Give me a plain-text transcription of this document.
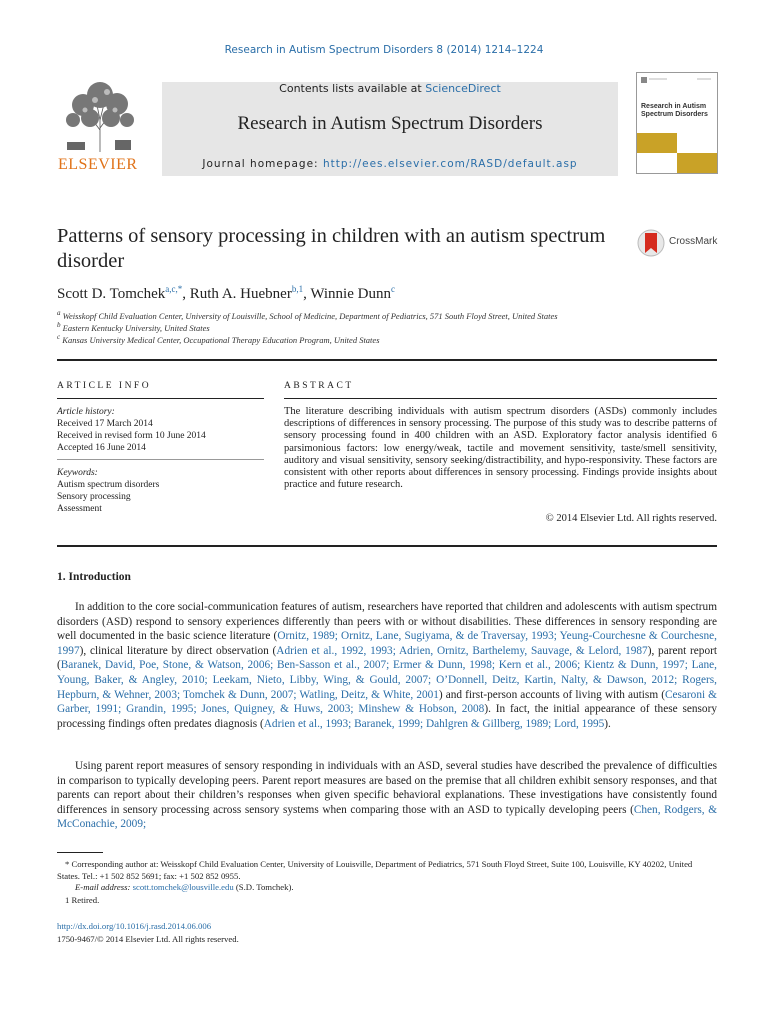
Research in Autism Spectrum Disorders 8 (2014) 1214–1224
ELSEVIER
Contents lists available at ScienceDirect
Research in Autism Spectrum Disorders
Journal homepage: http://ees.elsevier.com/RASD/default.asp
Research in Autism Spectrum Disorders
Patterns of sensory processing in children with an autism spectrum disorder
CrossMark
Scott D. Tomchek$^{a,c,*}$, Ruth A. Huebner$^{b,1}$, Winnie Dunn$^c$
$^a$ Weisskopf Child Evaluation Center, University of Louisville, School of Medicine, Department of Pediatrics, 571 South Floyd Street, United States
$^b$ Eastern Kentucky University, United States
$^c$ Kansas University Medical Center, Occupational Therapy Education Program, United States
ARTICLE INFO
Article history:
Received 17 March 2014
Received in revised form 10 June 2014
Accepted 16 June 2014
Keywords:
Autism spectrum disorders
Sensory processing
Assessment
ABSTRACT
The literature describing individuals with autism spectrum disorders (ASDs) commonly includes descriptions of differences in sensory processing. The purpose of this study was to describe patterns of sensory processing found in 400 children with an ASD. Exploratory factor analysis identified 6 parsimonious factors: low energy/weak, tactile and movement sensitivity, taste/smell sensitivity, auditory and visual sensitivity, sensory seeking/distractibility, and hypo-responsivity. These factors are consistent with other reports about differences in sensory processing. Findings provide insights about practice and future research.
© 2014 Elsevier Ltd. All rights reserved.
1. Introduction

In addition to the core social-communication features of autism, researchers have reported that children and adolescents with autism spectrum disorders (ASD) respond to sensory experiences differently than peers with or without disabilities. These differences in sensory responding are well documented in the basic science literature (Ornitz, 1989; Ornitz, Lane, Sugiyama, & de Traversay, 1993; Yeung-Courchesne & Courchesne, 1997), clinical literature by direct observation (Adrien et al., 1992, 1993; Adrien, Ornitz, Barthelemy, Sauvage, & Lelord, 1987), parent report (Baranek, David, Poe, Stone, & Watson, 2006; Ben-Sasson et al., 2007; Ermer & Dunn, 1998; Kern et al., 2006; Kientz & Dunn, 1997; Lane, Young, Baker, & Angley, 2010; Leekam, Nieto, Libby, Wing, & Gould, 2007; O’Donnell, Deitz, Kartin, Nalty, & Dawson, 2012; Rogers, Hepburn, & Wehner, 2003; Tomchek & Dunn, 2007; Watling, Deitz, & White, 2001) and first-person accounts of living with autism (Cesaroni & Garber, 1991; Grandin, 1995; Jones, Quigney, & Huws, 2003; Minshew & Hobson, 2008). In fact, the initial appearance of these sensory processing findings often predates diagnosis (Adrien et al., 1993; Baranek, 1999; Dahlgren & Gillberg, 1989; Lord, 1995).

Using parent report measures of sensory responding in individuals with an ASD, several studies have described the prevalence of difficulties in comparison to typically developing peers. Parent report measures are based on the premise that all children exhibit sensory responses, and that parents can report about their children’s responses when given specific behavioral explanations. These investigations have consistently found differences in sensory processing across sensory systems when comparing those with an ASD to typically developing peers (Chen, Rodgers, & McConachie, 2009;

* Corresponding author at: Weisskopf Child Evaluation Center, University of Louisville, Department of Pediatrics, 571 South Floyd Street, Suite 100, Louisville, KY 40202, United States. Tel.: +1 502 852 5691; fax: +1 502 852 0955.
E-mail address: scott.tomchek@lousville.edu (S.D. Tomchek).
1 Retired.
http://dx.doi.org/10.1016/j.rasd.2014.06.006
1750-9467/© 2014 Elsevier Ltd. All rights reserved.
